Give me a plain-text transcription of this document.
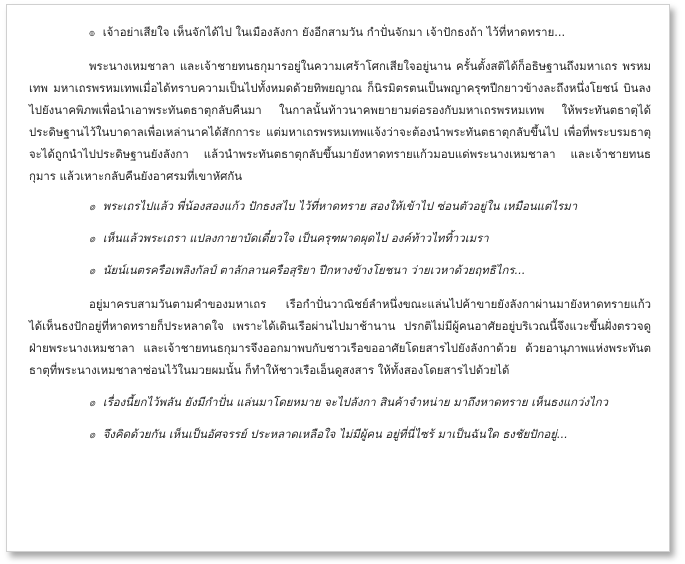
๏ เจ้าอย่าเสียใจ เห็นจักได้ไป ในเมืองลังกา ยังอีกสามวัน กำปั่นจักมา เจ้าปักธงถ้า ไว้ที่หาดทราย...
พระนางเหมชาลา และเจ้าชายทนธกุมารอยู่ในความเศร้าโศกเสียใจอยู่นาน ครั้นตั้งสติได้ก็อธิษฐานถึงมหาเถร พรหมเทพ มหาเถรพรหมเทพเมื่อได้ทราบความเป็นไปทั้งหมดด้วยทิพยญาณ ก็นิรมิตรตนเป็นพญาครุฑปีกยาวข้างละถึงหนึ่งโยชน์ บินลงไปยังนาคพิภพเพื่อนำเอาพระทันตธาตุกลับคืนมา ในกาลนั้นท้าวนาคพยายามต่อรองกับมหาเถรพรหมเทพ ให้พระทันตธาตุได้ประดิษฐานไว้ในบาดาลเพื่อเหล่านาคได้สักการะ แต่มหาเถรพรหมเทพแจ้งว่าจะต้องนำพระทันตธาตุกลับขึ้นไป เพื่อที่พระบรมธาตุจะได้ถูกนำไปประดิษฐานยังลังกา แล้วนำพระทันตธาตุกลับขึ้นมายังหาดทรายแก้วมอบแด่พระนางเหมชาลา และเจ้าชายทนธกุมาร แล้วเหาะกลับคืนยังอาศรมที่เขาหัศกัน
๏ พระเถรไปแล้ว พี่น้องสองแก้ว ปักธงสไบ ไว้ที่หาดทราย สองให้เข้าไป ซ่อนตัวอยู่ใน เหมือนแต่ไรมา
๏ เห็นแล้วพระเถรา แปลงกายาบัดเดี๋ยวใจ เป็นครุฑผาดผุดไป องค์ท้าวไททิ้าวเมรา
๏ นัยน์เนตรครือเพลิงกัลป์ ตาลักลานครือสุริยา ปีกหางข้างโยชนา ว่ายเวหาด้วยฤทธิไกร...
อยู่มาครบสามวันตามคำของมหาเถร เรือกำปั่นวาณิชย์ลำหนึ่งขณะแล่นไปค้าขายยังลังกาผ่านมายังหาดทรายแก้ว ได้เห็นธงปักอยู่ที่หาดทรายก็ประหลาดใจ เพราะได้เดินเรือผ่านไปมาช้านาน ปรกติไม่มีผู้คนอาศัยอยู่บริเวณนี้จึงแวะขึ้นฝั่งตรวจดู ฝ่ายพระนางเหมชาลา และเจ้าชายทนธกุมารจึงออกมาพบกับชาวเรือขออาศัยโดยสารไปยังลังกาด้วย ด้วยอานุภาพแห่งพระทันตธาตุที่พระนางเหมชาลาซ่อนไว้ในมวยผมนั้น ก็ทำให้ชาวเรือเอ็นดูสงสาร ให้ทั้งสองโดยสารไปด้วยได้
๏ เรื่องนี้ยกไว้พลัน ยังมีกำปั่น แล่นมาโดยหมาย จะไปลังกา สินค้าจำหน่าย มาถึงหาดทราย เห็นธงแกว่งไกว
๏ จึงคิดด้วยกัน เห็นเป็นอัศจรรย์ ประหลาดเหลือใจ ไม่มีผู้คน อยู่ที่นี่ไซร้ มาเป็นฉันใด ธงชัยปักอยู่...
